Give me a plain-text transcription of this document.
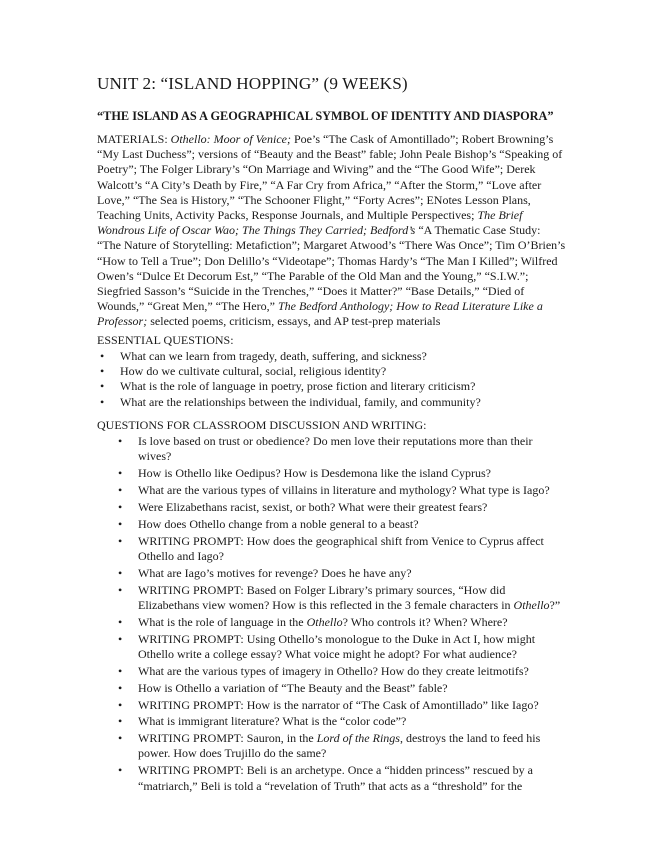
UNIT 2: “ISLAND HOPPING” (9 WEEKS)
“THE ISLAND AS A GEOGRAPHICAL SYMBOL OF IDENTITY AND DIASPORA”
MATERIALS: Othello: Moor of Venice; Poe’s “The Cask of Amontillado”; Robert Browning’s “My Last Duchess”; versions of “Beauty and the Beast” fable; John Peale Bishop’s “Speaking of Poetry”; The Folger Library’s “On Marriage and Wiving” and the “The Good Wife”; Derek Walcott’s “A City’s Death by Fire,” “A Far Cry from Africa,” “After the Storm,” “Love after Love,” “The Sea is History,” “The Schooner Flight,” “Forty Acres”; ENotes Lesson Plans, Teaching Units, Activity Packs, Response Journals, and Multiple Perspectives; The Brief Wondrous Life of Oscar Wao; The Things They Carried; Bedford’s “A Thematic Case Study: “The Nature of Storytelling: Metafiction”; Margaret Atwood’s “There Was Once”; Tim O’Brien’s “How to Tell a True”; Don Delillo’s “Videotape”; Thomas Hardy’s “The Man I Killed”; Wilfred Owen’s “Dulce Et Decorum Est,” “The Parable of the Old Man and the Young,” “S.I.W.”; Siegfried Sasson’s “Suicide in the Trenches,” “Does it Matter?” “Base Details,” “Died of Wounds,” “Great Men,” “The Hero,” The Bedford Anthology; How to Read Literature Like a Professor; selected poems, criticism, essays, and AP test-prep materials
ESSENTIAL QUESTIONS:
• What can we learn from tragedy, death, suffering, and sickness?
• How do we cultivate cultural, social, religious identity?
• What is the role of language in poetry, prose fiction and literary criticism?
• What are the relationships between the individual, family, and community?
QUESTIONS FOR CLASSROOM DISCUSSION AND WRITING:
• Is love based on trust or obedience? Do men love their reputations more than their wives?
• How is Othello like Oedipus? How is Desdemona like the island Cyprus?
• What are the various types of villains in literature and mythology? What type is Iago?
• Were Elizabethans racist, sexist, or both? What were their greatest fears?
• How does Othello change from a noble general to a beast?
• WRITING PROMPT: How does the geographical shift from Venice to Cyprus affect Othello and Iago?
• What are Iago’s motives for revenge? Does he have any?
• WRITING PROMPT: Based on Folger Library’s primary sources, “How did Elizabethans view women? How is this reflected in the 3 female characters in Othello?”
• What is the role of language in the Othello? Who controls it? When? Where?
• WRITING PROMPT: Using Othello’s monologue to the Duke in Act I, how might Othello write a college essay? What voice might he adopt? For what audience?
• What are the various types of imagery in Othello? How do they create leitmotifs?
• How is Othello a variation of “The Beauty and the Beast” fable?
• WRITING PROMPT: How is the narrator of “The Cask of Amontillado” like Iago?
• What is immigrant literature? What is the “color code”?
• WRITING PROMPT: Sauron, in the Lord of the Rings, destroys the land to feed his power. How does Trujillo do the same?
• WRITING PROMPT: Beli is an archetype. Once a “hidden princess” rescued by a “matriarch,” Beli is told a “revelation of Truth” that acts as a “threshold” for the
